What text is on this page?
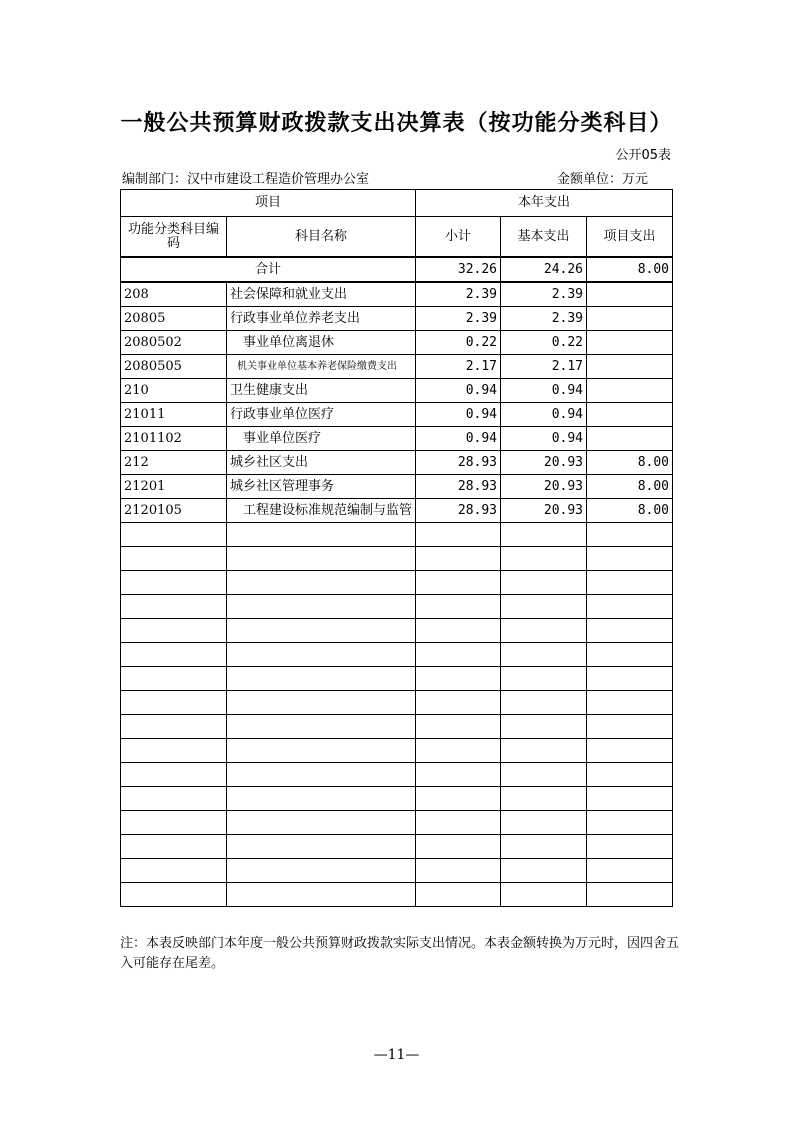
一般公共预算财政拨款支出决算表（按功能分类科目）
公开05表
编制部门：汉中市建设工程造价管理办公室	金额单位：万元
项目		本年支出		
功能分类科目编码	科目名称	小计	基本支出	项目支出
合计		32.26	24.26	8.00
208	社会保障和就业支出	2.39	2.39	
20805	行政事业单位养老支出	2.39	2.39	
2080502	事业单位离退休	0.22	0.22	
2080505	机关事业单位基本养老保险缴费支出	2.17	2.17	
210	卫生健康支出	0.94	0.94	
21011	行政事业单位医疗	0.94	0.94	
2101102	事业单位医疗	0.94	0.94	
212	城乡社区支出	28.93	20.93	8.00
21201	城乡社区管理事务	28.93	20.93	8.00
2120105	工程建设标准规范编制与监管	28.93	20.93	8.00

注：本表反映部门本年度一般公共预算财政拨款实际支出情况。本表金额转换为万元时，因四舍五入可能存在尾差。
—11—
